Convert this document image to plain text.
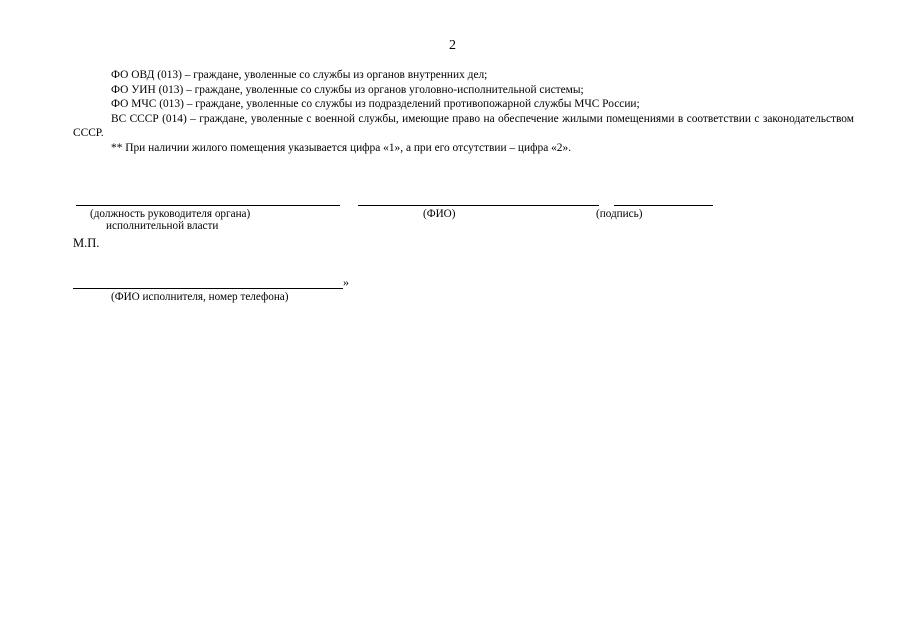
2

ФО ОВД (013) – граждане, уволенные со службы из органов внутренних дел;

ФО УИН (013) – граждане, уволенные со службы из органов уголовно-исполнительной системы;

ФО МЧС (013) – граждане, уволенные со службы из подразделений противопожарной службы МЧС России;

ВС СССР (014) – граждане, уволенные с военной службы, имеющие право на обеспечение жилыми помещениями в соответствии с законодательством СССР.

** При наличии жилого помещения указывается цифра «1», а при его отсутствии – цифра «2».

(должность руководителя органа)
исполнительной власти
(ФИО)	(подпись)
М.П.
»
(ФИО исполнителя, номер телефона)
